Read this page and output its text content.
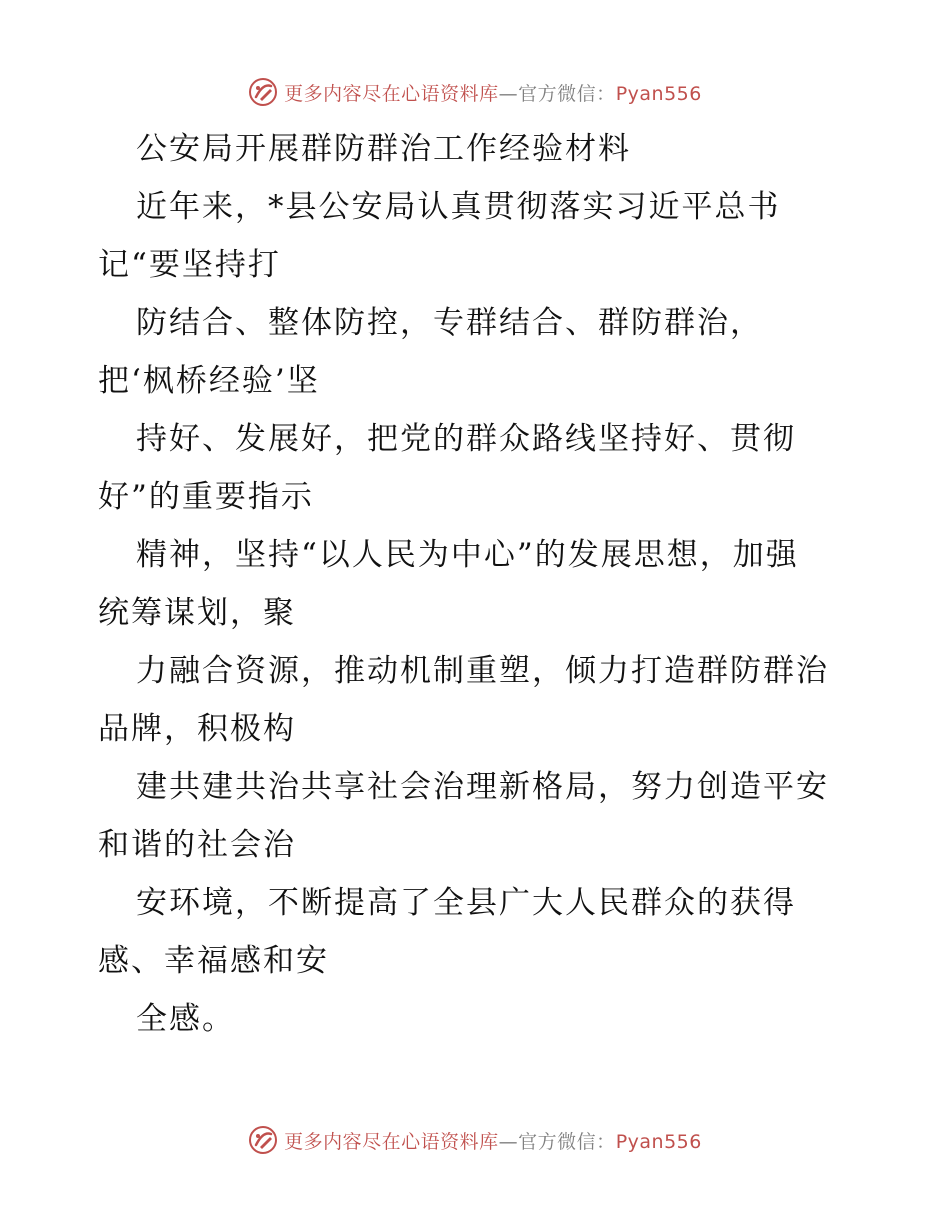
更多内容尽在心语资料库—官方微信：Pyan556

公安局开展群防群治工作经验材料

近年来，*县公安局认真贯彻落实习近平总书

记“要坚持打

防结合、整体防控，专群结合、群防群治，

把‘枫桥经验’坚

持好、发展好，把党的群众路线坚持好、贯彻

好”的重要指示

精神，坚持“以人民为中心”的发展思想，加强

统筹谋划，聚

力融合资源，推动机制重塑，倾力打造群防群治

品牌，积极构

建共建共治共享社会治理新格局，努力创造平安

和谐的社会治

安环境，不断提高了全县广大人民群众的获得

感、幸福感和安

全感。

更多内容尽在心语资料库—官方微信：Pyan556
